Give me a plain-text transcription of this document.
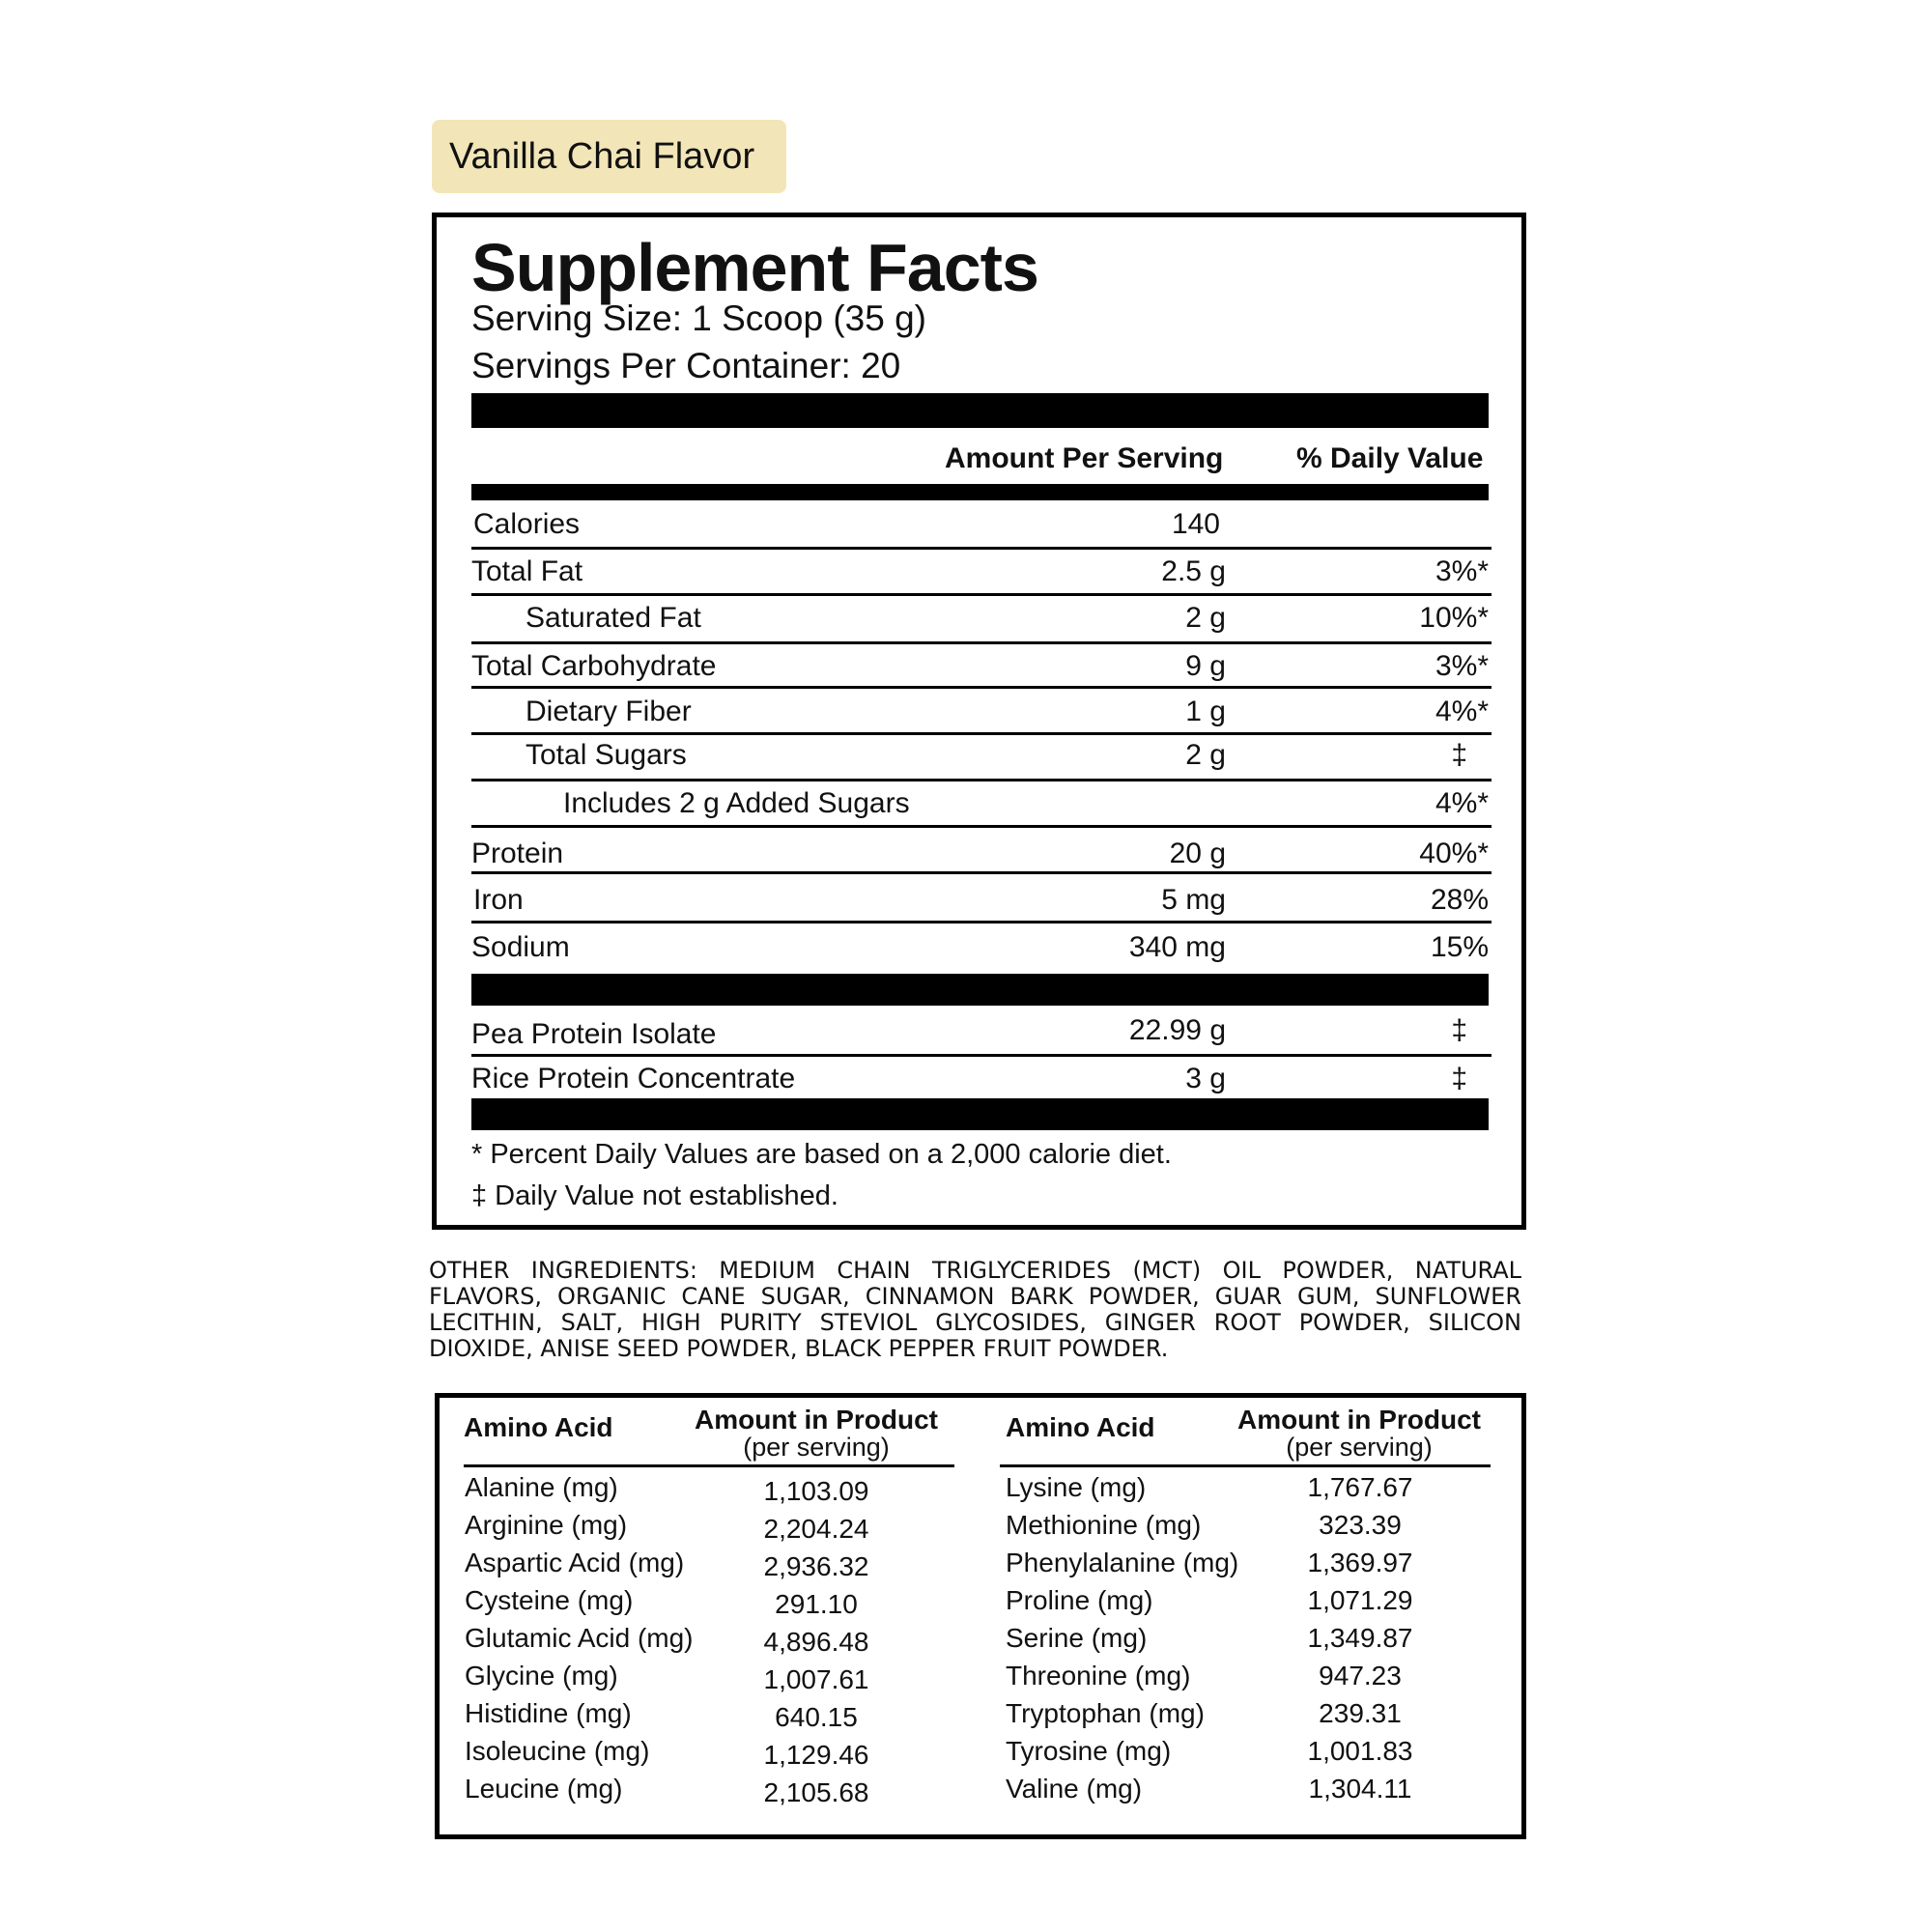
Vanilla Chai Flavor
Supplement Facts
Serving Size: 1 Scoop (35 g)
Servings Per Container: 20
Amount Per Serving	% Daily Value
Calories	140
Total Fat	2.5 g	3%*
Saturated Fat	2 g	10%*
Total Carbohydrate	9 g	3%*
Dietary Fiber	1 g	4%*
Total Sugars	2 g	‡
Includes 2 g Added Sugars	4%*
Protein	20 g	40%*
Iron	5 mg	28%
Sodium	340 mg	15%
Pea Protein Isolate	22.99 g	‡
Rice Protein Concentrate	3 g	‡
* Percent Daily Values are based on a 2,000 calorie diet.
‡ Daily Value not established.
OTHER INGREDIENTS: MEDIUM CHAIN TRIGLYCERIDES (MCT) OIL POWDER, NATURAL FLAVORS, ORGANIC CANE SUGAR, CINNAMON BARK POWDER, GUAR GUM, SUNFLOWER LECITHIN, SALT, HIGH PURITY STEVIOL GLYCOSIDES, GINGER ROOT POWDER, SILICON DIOXIDE, ANISE SEED POWDER, BLACK PEPPER FRUIT POWDER.
Amino Acid	Amount in Product
(per serving)
Amino Acid	Amount in Product
(per serving)
Alanine (mg)	1,103.09
Arginine (mg)	2,204.24
Aspartic Acid (mg)	2,936.32
Cysteine (mg)	291.10
Glutamic Acid (mg)	4,896.48
Glycine (mg)	1,007.61
Histidine (mg)	640.15
Isoleucine (mg)	1,129.46
Leucine (mg)	2,105.68
Lysine (mg)	1,767.67
Methionine (mg)	323.39
Phenylalanine (mg)	1,369.97
Proline (mg)	1,071.29
Serine (mg)	1,349.87
Threonine (mg)	947.23
Tryptophan (mg)	239.31
Tyrosine (mg)	1,001.83
Valine (mg)	1,304.11
